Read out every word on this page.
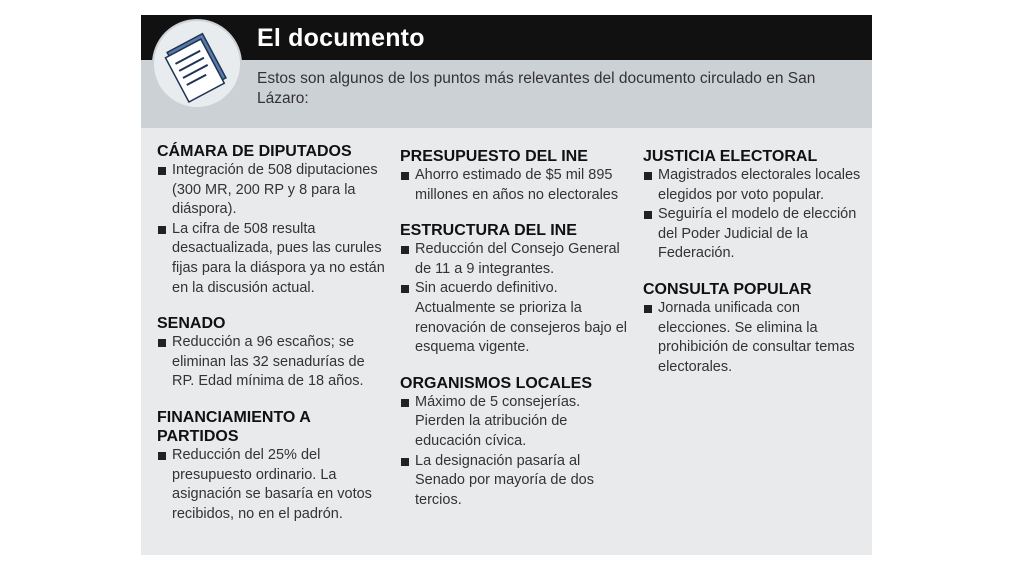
El documento
Estos son algunos de los puntos más relevantes del documento circulado en San Lázaro:
CÁMARA DE DIPUTADOS
Integración de 508 diputaciones (300 MR, 200 RP y 8 para la diáspora).
La cifra de 508 resulta desactualizada, pues las curules fijas para la diáspora ya no están en la discusión actual.
SENADO
Reducción a 96 escaños; se eliminan las 32 senadurías de RP. Edad mínima de 18 años.
FINANCIAMIENTO A PARTIDOS
Reducción del 25% del presupuesto ordinario. La asignación se basaría en votos recibidos, no en el padrón.
PRESUPUESTO DEL INE
Ahorro estimado de $5 mil 895 millones en años no electorales
ESTRUCTURA DEL INE
Reducción del Consejo General de 11 a 9 integrantes.
Sin acuerdo definitivo. Actualmente se prioriza la renovación de consejeros bajo el esquema vigente.
ORGANISMOS LOCALES
Máximo de 5 consejerías. Pierden la atribución de educación cívica.
La designación pasaría al Senado por mayoría de dos tercios.
JUSTICIA ELECTORAL
Magistrados electorales locales elegidos por voto popular.
Seguiría el modelo de elección del Poder Judicial de la Federación.
CONSULTA POPULAR
Jornada unificada con elecciones. Se elimina la prohibición de consultar temas electorales.
